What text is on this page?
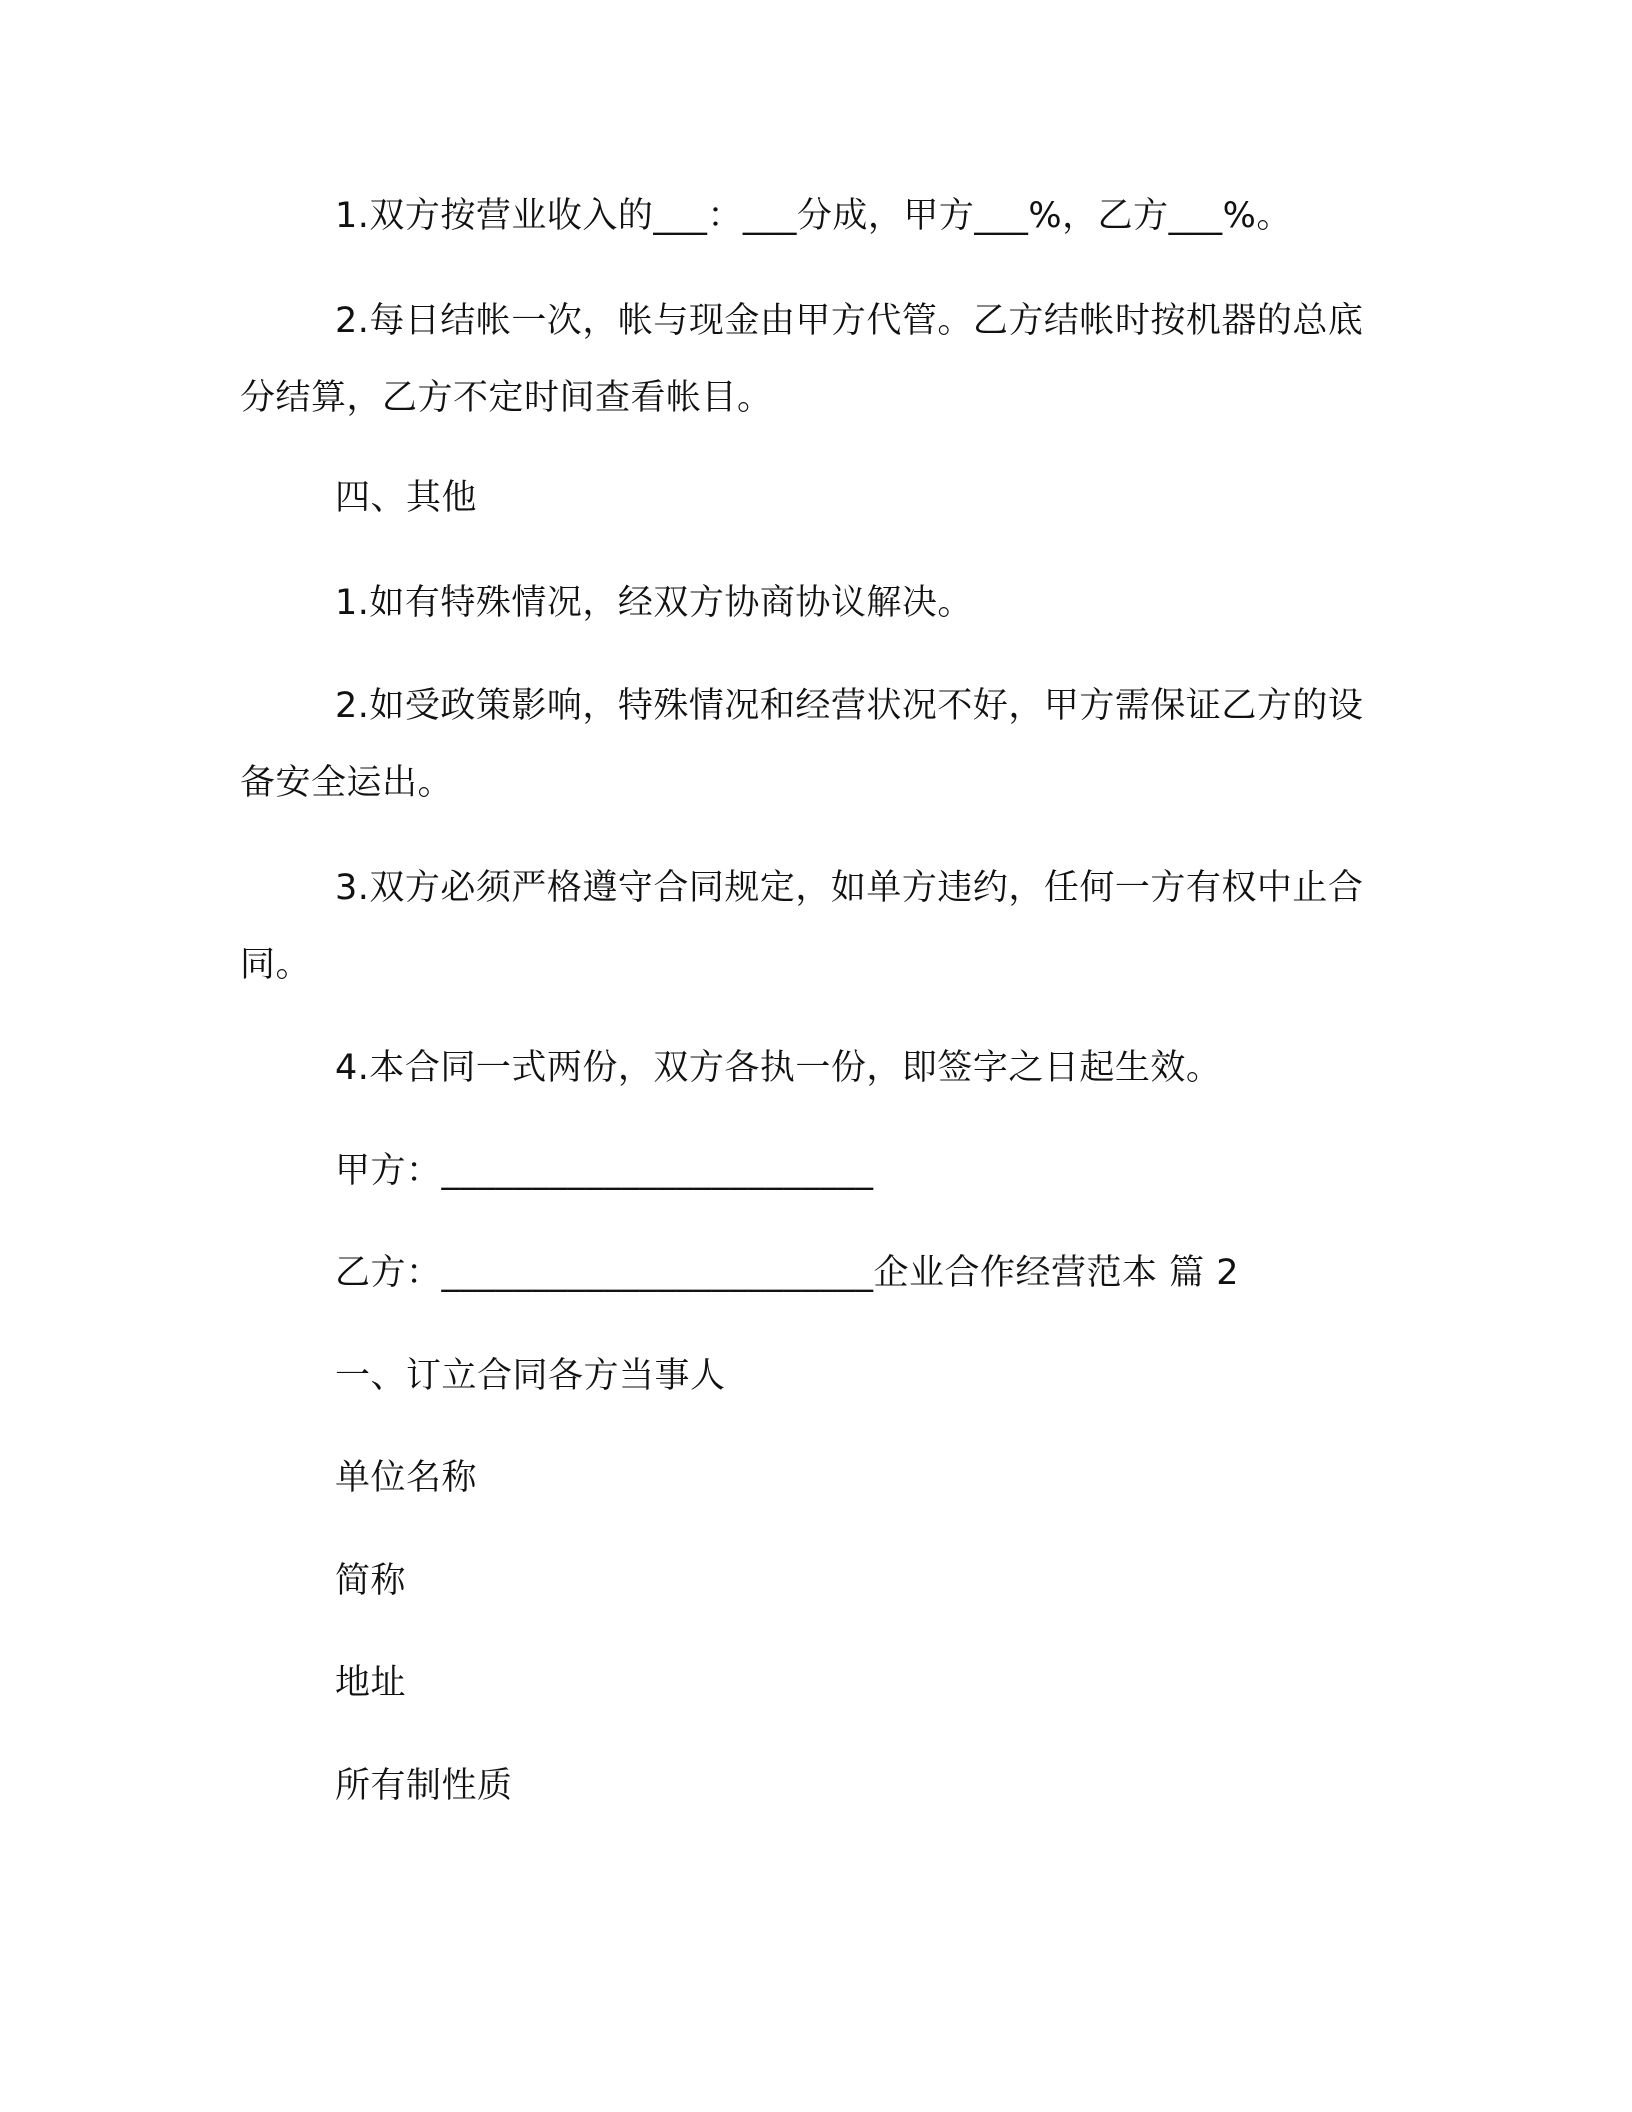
1.双方按营业收入的___：___分成，甲方___%，乙方___%。

2.每日结帐一次，帐与现金由甲方代管。乙方结帐时按机器的总底分结算，乙方不定时间查看帐目。

四、其他

1.如有特殊情况，经双方协商协议解决。

2.如受政策影响，特殊情况和经营状况不好，甲方需保证乙方的设备安全运出。

3.双方必须严格遵守合同规定，如单方违约，任何一方有权中止合同。

4.本合同一式两份，双方各执一份，即签字之日起生效。

甲方：________________________

乙方：________________________企业合作经营范本 篇 2

一、订立合同各方当事人

单位名称

简称

地址

所有制性质
